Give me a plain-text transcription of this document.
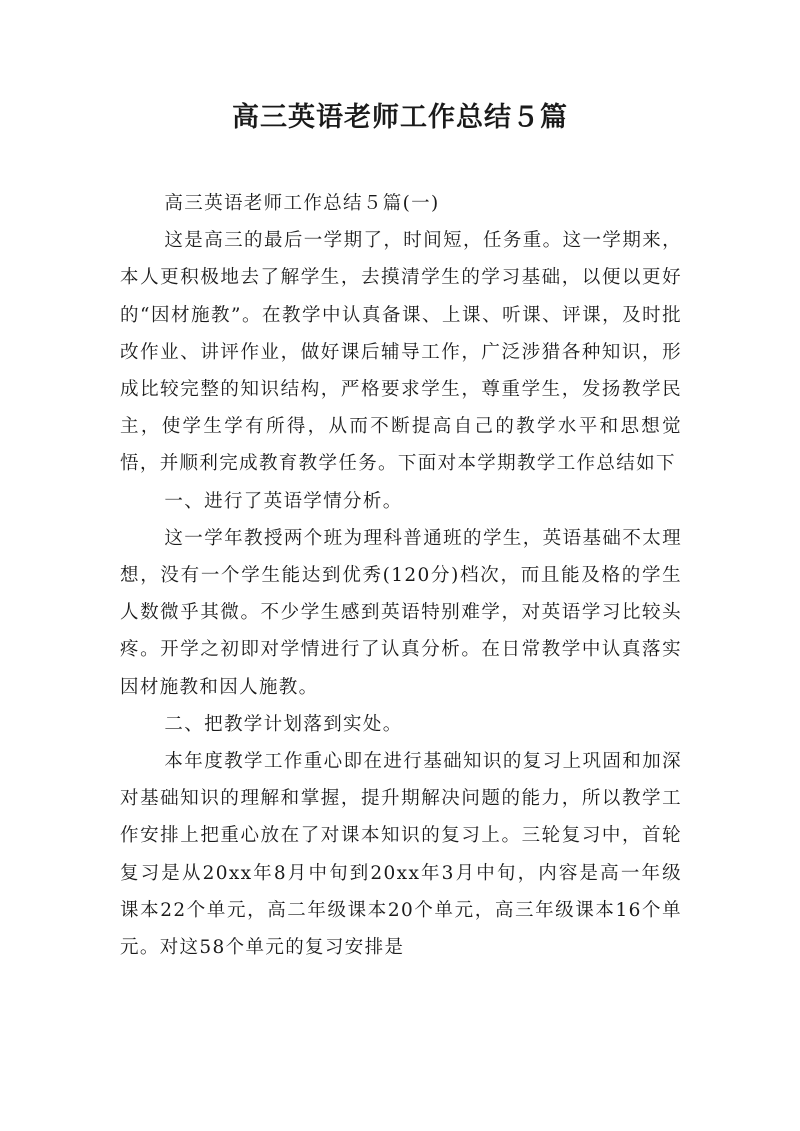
高三英语老师工作总结５篇

高三英语老师工作总结５篇(一)

这是高三的最后一学期了，时间短，任务重。这一学期来，本人更积极地去了解学生，去摸清学生的学习基础，以便以更好的“因材施教”。在教学中认真备课、上课、听课、评课，及时批改作业、讲评作业，做好课后辅导工作，广泛涉猎各种知识，形成比较完整的知识结构，严格要求学生，尊重学生，发扬教学民主，使学生学有所得，从而不断提高自己的教学水平和思想觉悟，并顺利完成教育教学任务。下面对本学期教学工作总结如下

一、进行了英语学情分析。

这一学年教授两个班为理科普通班的学生，英语基础不太理想，没有一个学生能达到优秀(120分)档次，而且能及格的学生人数微乎其微。不少学生感到英语特别难学，对英语学习比较头疼。开学之初即对学情进行了认真分析。在日常教学中认真落实因材施教和因人施教。

二、把教学计划落到实处。

本年度教学工作重心即在进行基础知识的复习上巩固和加深对基础知识的理解和掌握，提升期解决问题的能力，所以教学工作安排上把重心放在了对课本知识的复习上。三轮复习中，首轮复习是从20xx年8月中旬到20xx年3月中旬，内容是高一年级课本22个单元，高二年级课本20个单元，高三年级课本16个单元。对这58个单元的复习安排是
